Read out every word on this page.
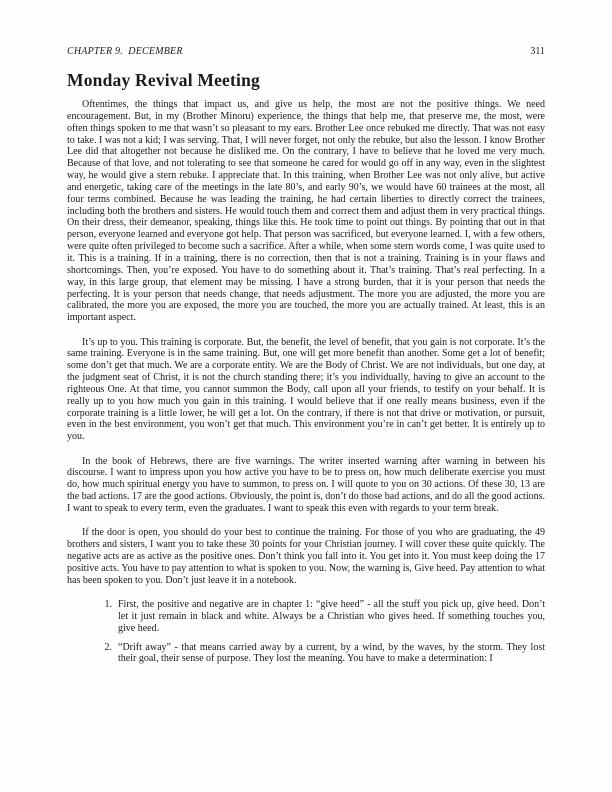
CHAPTER 9.  DECEMBER	311
Monday Revival Meeting

Oftentimes, the things that impact us, and give us help, the most are not the positive things. We need encouragement. But, in my (Brother Minoru) experience, the things that help me, that preserve me, the most, were often things spoken to me that wasn’t so pleasant to my ears. Brother Lee once rebuked me directly. That was not easy to take. I was not a kid; I was serving. That, I will never forget, not only the rebuke, but also the lesson. I know Brother Lee did that altogether not because he disliked me. On the contrary, I have to believe that he loved me very much. Because of that love, and not tolerating to see that someone he cared for would go off in any way, even in the slightest way, he would give a stern rebuke. I appreciate that. In this training, when Brother Lee was not only alive, but active and energetic, taking care of the meetings in the late 80’s, and early 90’s, we would have 60 trainees at the most, all four terms combined. Because he was leading the training, he had certain liberties to directly correct the trainees, including both the brothers and sisters. He would touch them and correct them and adjust them in very practical things. On their dress, their demeanor, speaking, things like this. He took time to point out things. By pointing that out in that person, everyone learned and everyone got help. That person was sacrificed, but everyone learned. I, with a few others, were quite often privileged to become such a sacrifice. After a while, when some stern words come, I was quite used to it. This is a training. If in a training, there is no correction, then that is not a training. Training is in your flaws and shortcomings. Then, you’re exposed. You have to do something about it. That’s training. That’s real perfecting. In a way, in this large group, that element may be missing. I have a strong burden, that it is your person that needs the perfecting. It is your person that needs change, that needs adjustment. The more you are adjusted, the more you are calibrated, the more you are exposed, the more you are touched, the more you are actually trained. At least, this is an important aspect.

It’s up to you. This training is corporate. But, the benefit, the level of benefit, that you gain is not corporate. It’s the same training. Everyone is in the same training. But, one will get more benefit than another. Some get a lot of benefit; some don’t get that much. We are a corporate entity. We are the Body of Christ. We are not individuals, but one day, at the judgment seat of Christ, it is not the church standing there; it’s you individually, having to give an account to the righteous One. At that time, you cannot summon the Body, call upon all your friends, to testify on your behalf. It is really up to you how much you gain in this training. I would believe that if one really means business, even if the corporate training is a little lower, he will get a lot. On the contrary, if there is not that drive or motivation, or pursuit, even in the best environment, you won’t get that much. This environment you’re in can’t get better. It is entirely up to you.

In the book of Hebrews, there are five warnings. The writer inserted warning after warning in between his discourse. I want to impress upon you how active you have to be to press on, how much deliberate exercise you must do, how much spiritual energy you have to summon, to press on. I will quote to you on 30 actions. Of these 30, 13 are the bad actions. 17 are the good actions. Obviously, the point is, don’t do those bad actions, and do all the good actions. I want to speak to every term, even the graduates. I want to speak this even with regards to your term break.

If the door is open, you should do your best to continue the training. For those of you who are graduating, the 49 brothers and sisters, I want you to take these 30 points for your Christian journey. I will cover these quite quickly. The negative acts are as active as the positive ones. Don’t think you fall into it. You get into it. You must keep doing the 17 positive acts. You have to pay attention to what is spoken to you. Now, the warning is, Give heed. Pay attention to what has been spoken to you. Don’t just leave it in a notebook.

1. First, the positive and negative are in chapter 1: “give heed” - all the stuff you pick up, give heed. Don’t let it just remain in black and white. Always be a Christian who gives heed. If something touches you, give heed.
2. “Drift away” - that means carried away by a current, by a wind, by the waves, by the storm. They lost their goal, their sense of purpose. They lost the meaning. You have to make a determination: I
